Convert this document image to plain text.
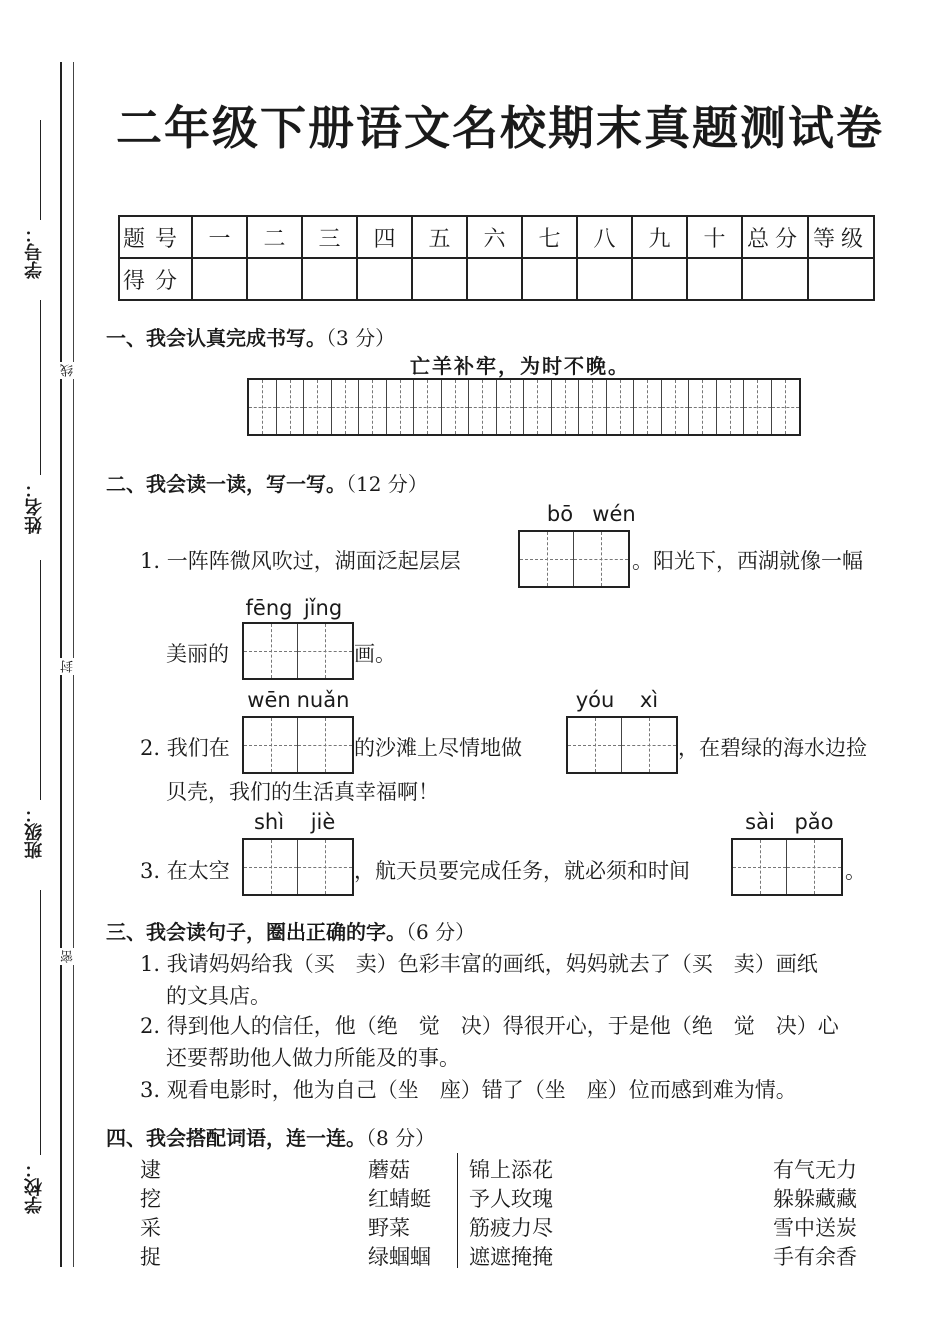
学号：
姓名：
班级：
学校：
线
封
密
二年级下册语文名校期末真题测试卷
题号	一	二	三	四	五	六	七	八	九	十	总分	等级
得分												
一、我会认真完成书写。（3 分）
亡羊补牢，为时不晚。
二、我会读一读，写一写。（12 分）
bō wén
1. 一阵阵微风吹过，湖面泛起层层	。阳光下，西湖就像一幅
fēng jǐng
美丽的	画。
wēn nuǎn	yóu xì
2. 我们在	的沙滩上尽情地做	，在碧绿的海水边捡
贝壳，我们的生活真幸福啊！
shì jiè	sài pǎo
3. 在太空	，航天员要完成任务，就必须和时间	。
三、我会读句子，圈出正确的字。（6 分）
1. 我请妈妈给我（买　卖）色彩丰富的画纸，妈妈就去了（买　卖）画纸
的文具店。
2. 得到他人的信任，他（绝　觉　决）得很开心，于是他（绝　觉　决）心
还要帮助他人做力所能及的事。
3. 观看电影时，他为自己（坐　座）错了（坐　座）位而感到难为情。
四、我会搭配词语，连一连。（8 分）
逮
挖
采
捉
蘑菇
红蜻蜓
野菜
绿蝈蝈
锦上添花
予人玫瑰
筋疲力尽
遮遮掩掩
有气无力
躲躲藏藏
雪中送炭
手有余香
